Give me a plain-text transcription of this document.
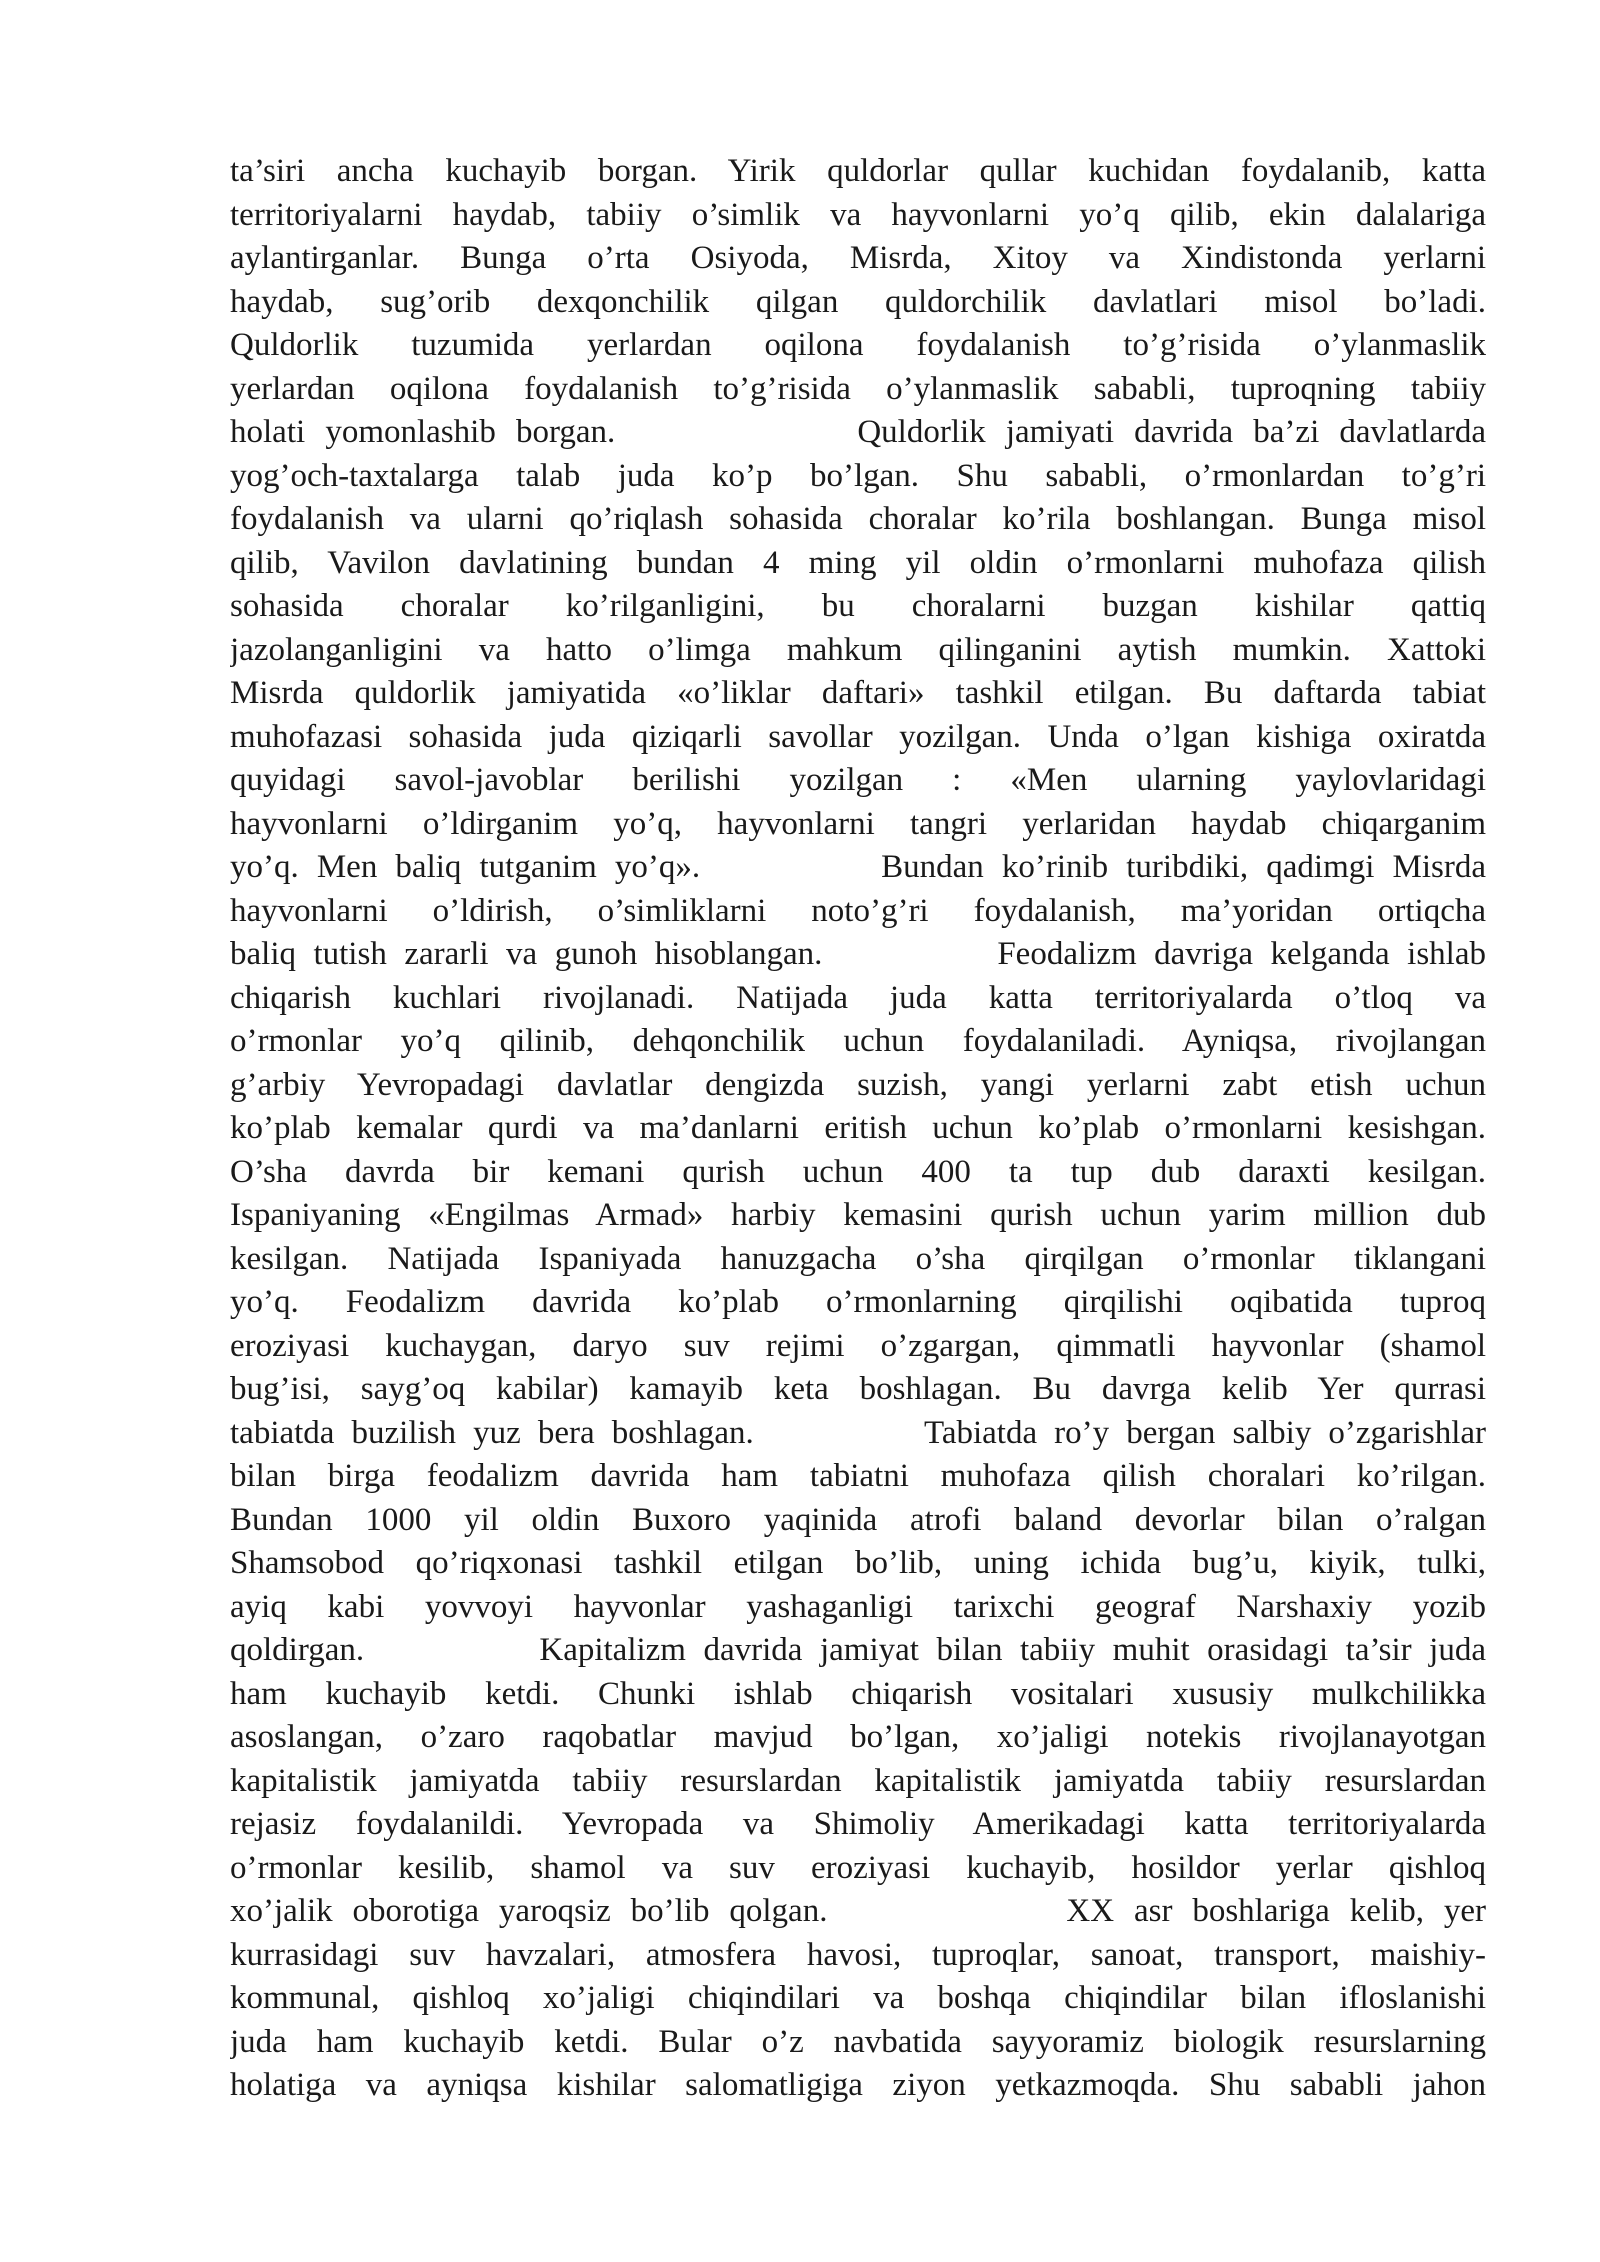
ta’siri ancha kuchayib borgan. Yirik quldorlar qullar kuchidan foydalanib, katta
territoriyalarni haydab, tabiiy o’simlik va hayvonlarni yo’q qilib, ekin dalalariga
aylantirganlar. Bunga o’rta Osiyoda, Misrda, Xitoy va Xindistonda yerlarni
haydab, sug’orib dexqonchilik qilgan quldorchilik davlatlari misol bo’ladi.
Quldorlik tuzumida yerlardan oqilona foydalanish to’g’risida o’ylanmaslik
yerlardan oqilona foydalanish to’g’risida o’ylanmaslik sababli, tuproqning tabiiy
holati yomonlashib borgan.            Quldorlik jamiyati davrida ba’zi davlatlarda
yog’och-taxtalarga talab juda ko’p bo’lgan. Shu sababli, o’rmonlardan to’g’ri
foydalanish va ularni qo’riqlash sohasida choralar ko’rila boshlangan. Bunga misol
qilib, Vavilon davlatining bundan 4 ming yil oldin o’rmonlarni muhofaza qilish
sohasida choralar ko’rilganligini, bu choralarni buzgan kishilar qattiq
jazolanganligini va hatto o’limga mahkum qilinganini aytish mumkin. Xattoki
Misrda quldorlik jamiyatida «o’liklar daftari» tashkil etilgan. Bu daftarda tabiat
muhofazasi sohasida juda qiziqarli savollar yozilgan. Unda o’lgan kishiga oxiratda
quyidagi savol-javoblar berilishi yozilgan : «Men ularning yaylovlaridagi
hayvonlarni o’ldirganim yo’q, hayvonlarni tangri yerlaridan haydab chiqarganim
yo’q. Men baliq tutganim yo’q».          Bundan ko’rinib turibdiki, qadimgi Misrda
hayvonlarni o’ldirish, o’simliklarni noto’g’ri foydalanish, ma’yoridan ortiqcha
baliq tutish zararli va gunoh hisoblangan.          Feodalizm davriga kelganda ishlab
chiqarish kuchlari rivojlanadi. Natijada juda katta territoriyalarda o’tloq va
o’rmonlar yo’q qilinib, dehqonchilik uchun foydalaniladi. Ayniqsa, rivojlangan
g’arbiy Yevropadagi davlatlar dengizda suzish, yangi yerlarni zabt etish uchun
ko’plab kemalar qurdi va ma’danlarni eritish uchun ko’plab o’rmonlarni kesishgan.
O’sha davrda bir kemani qurish uchun 400 ta tup dub daraxti kesilgan.
Ispaniyaning «Engilmas Armad» harbiy kemasini qurish uchun yarim million dub
kesilgan. Natijada Ispaniyada hanuzgacha o’sha qirqilgan o’rmonlar tiklangani
yo’q. Feodalizm davrida ko’plab o’rmonlarning qirqilishi oqibatida tuproq
eroziyasi kuchaygan, daryo suv rejimi o’zgargan, qimmatli hayvonlar (shamol
bug’isi, sayg’oq kabilar) kamayib keta boshlagan. Bu davrga kelib Yer qurrasi
tabiatda buzilish yuz bera boshlagan.          Tabiatda ro’y bergan salbiy o’zgarishlar
bilan birga feodalizm davrida ham tabiatni muhofaza qilish choralari ko’rilgan.
Bundan 1000 yil oldin Buxoro yaqinida atrofi baland devorlar bilan o’ralgan
Shamsobod qo’riqxonasi tashkil etilgan bo’lib, uning ichida bug’u, kiyik, tulki,
ayiq kabi yovvoyi hayvonlar yashaganligi tarixchi geograf Narshaxiy yozib
qoldirgan.          Kapitalizm davrida jamiyat bilan tabiiy muhit orasidagi ta’sir juda
ham kuchayib ketdi. Chunki ishlab chiqarish vositalari xususiy mulkchilikka
asoslangan, o’zaro raqobatlar mavjud bo’lgan, xo’jaligi notekis rivojlanayotgan
kapitalistik jamiyatda tabiiy resurslardan kapitalistik jamiyatda tabiiy resurslardan
rejasiz foydalanildi. Yevropada va Shimoliy Amerikadagi katta territoriyalarda
o’rmonlar kesilib, shamol va suv eroziyasi kuchayib, hosildor yerlar qishloq
xo’jalik oborotiga yaroqsiz bo’lib qolgan.            XX asr boshlariga kelib, yer
kurrasidagi suv havzalari, atmosfera havosi, tuproqlar, sanoat, transport, maishiy-
kommunal, qishloq xo’jaligi chiqindilari va boshqa chiqindilar bilan ifloslanishi
juda ham kuchayib ketdi. Bular o’z navbatida sayyoramiz biologik resurslarning
holatiga va ayniqsa kishilar salomatligiga ziyon yetkazmoqda. Shu sababli jahon
